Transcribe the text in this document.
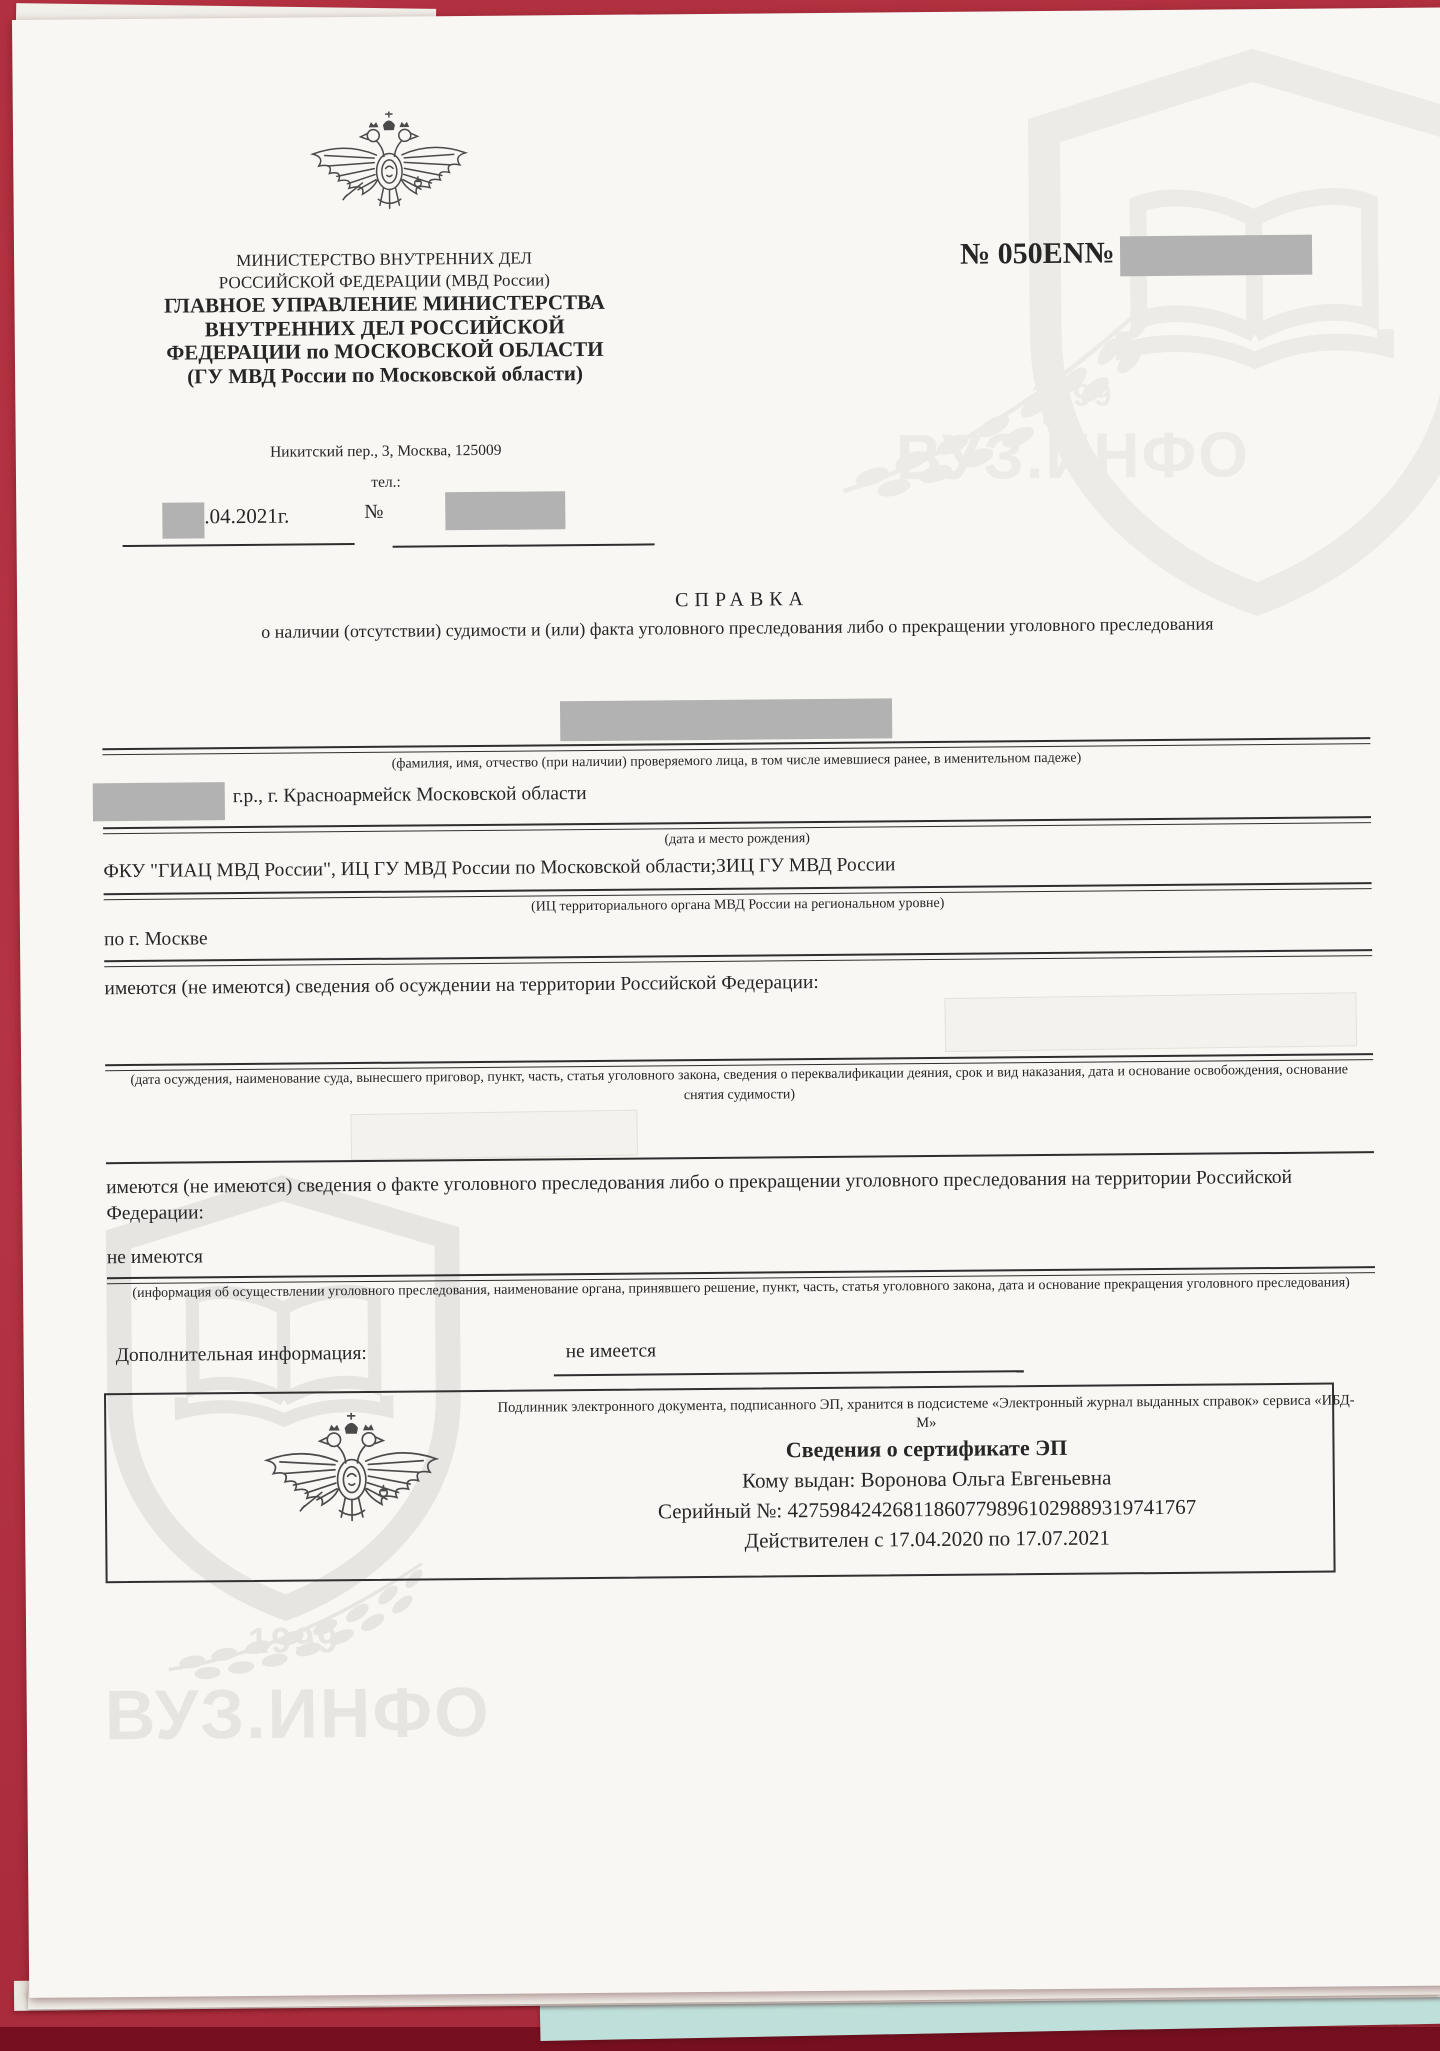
1999
ВУЗ.ИНФО
1999
ВУЗ.ИНФО
МИНИСТЕРСТВО ВНУТРЕННИХ ДЕЛ
РОССИЙСКОЙ ФЕДЕРАЦИИ (МВД России)
ГЛАВНОЕ УПРАВЛЕНИЕ МИНИСТЕРСТВА
ВНУТРЕННИХ ДЕЛ РОССИЙСКОЙ
ФЕДЕРАЦИИ по МОСКОВСКОЙ ОБЛАСТИ
(ГУ МВД России по Московской области)
Никитский пер., 3, Москва, 125009
тел.:
.04.2021г.	№
№ 050EN№
СПРАВКА
о наличии (отсутствии) судимости и (или) факта уголовного преследования либо о прекращении уголовного преследования
(фамилия, имя, отчество (при наличии) проверяемого лица, в том числе имевшиеся ранее, в именительном падеже)
г.р., г. Красноармейск Московской области
(дата и место рождения)
ФКУ "ГИАЦ МВД России", ИЦ ГУ МВД России по Московской области;ЗИЦ ГУ МВД России
(ИЦ территориального органа МВД России на региональном уровне)
по г. Москве
имеются (не имеются) сведения об осуждении на территории Российской Федерации:
(дата осуждения, наименование суда, вынесшего приговор, пункт, часть, статья уголовного закона, сведения о переквалификации деяния, срок и вид наказания, дата и основание освобождения, основание снятия судимости)
имеются (не имеются) сведения о факте уголовного преследования либо о прекращении уголовного преследования на территории Российской Федерации:
не имеются
(информация об осуществлении уголовного преследования, наименование органа, принявшего решение, пункт, часть, статья уголовного закона, дата и основание прекращения уголовного преследования)
Дополнительная информация:	не имеется
Подлинник электронного документа, подписанного ЭП, хранится в подсистеме «Электронный журнал выданных справок» сервиса «ИБД-М»
Сведения о сертификате ЭП
Кому выдан: Воронова Ольга Евгеньевна
Серийный №: 427598424268118607798961029889319741767
Действителен с 17.04.2020 по 17.07.2021
